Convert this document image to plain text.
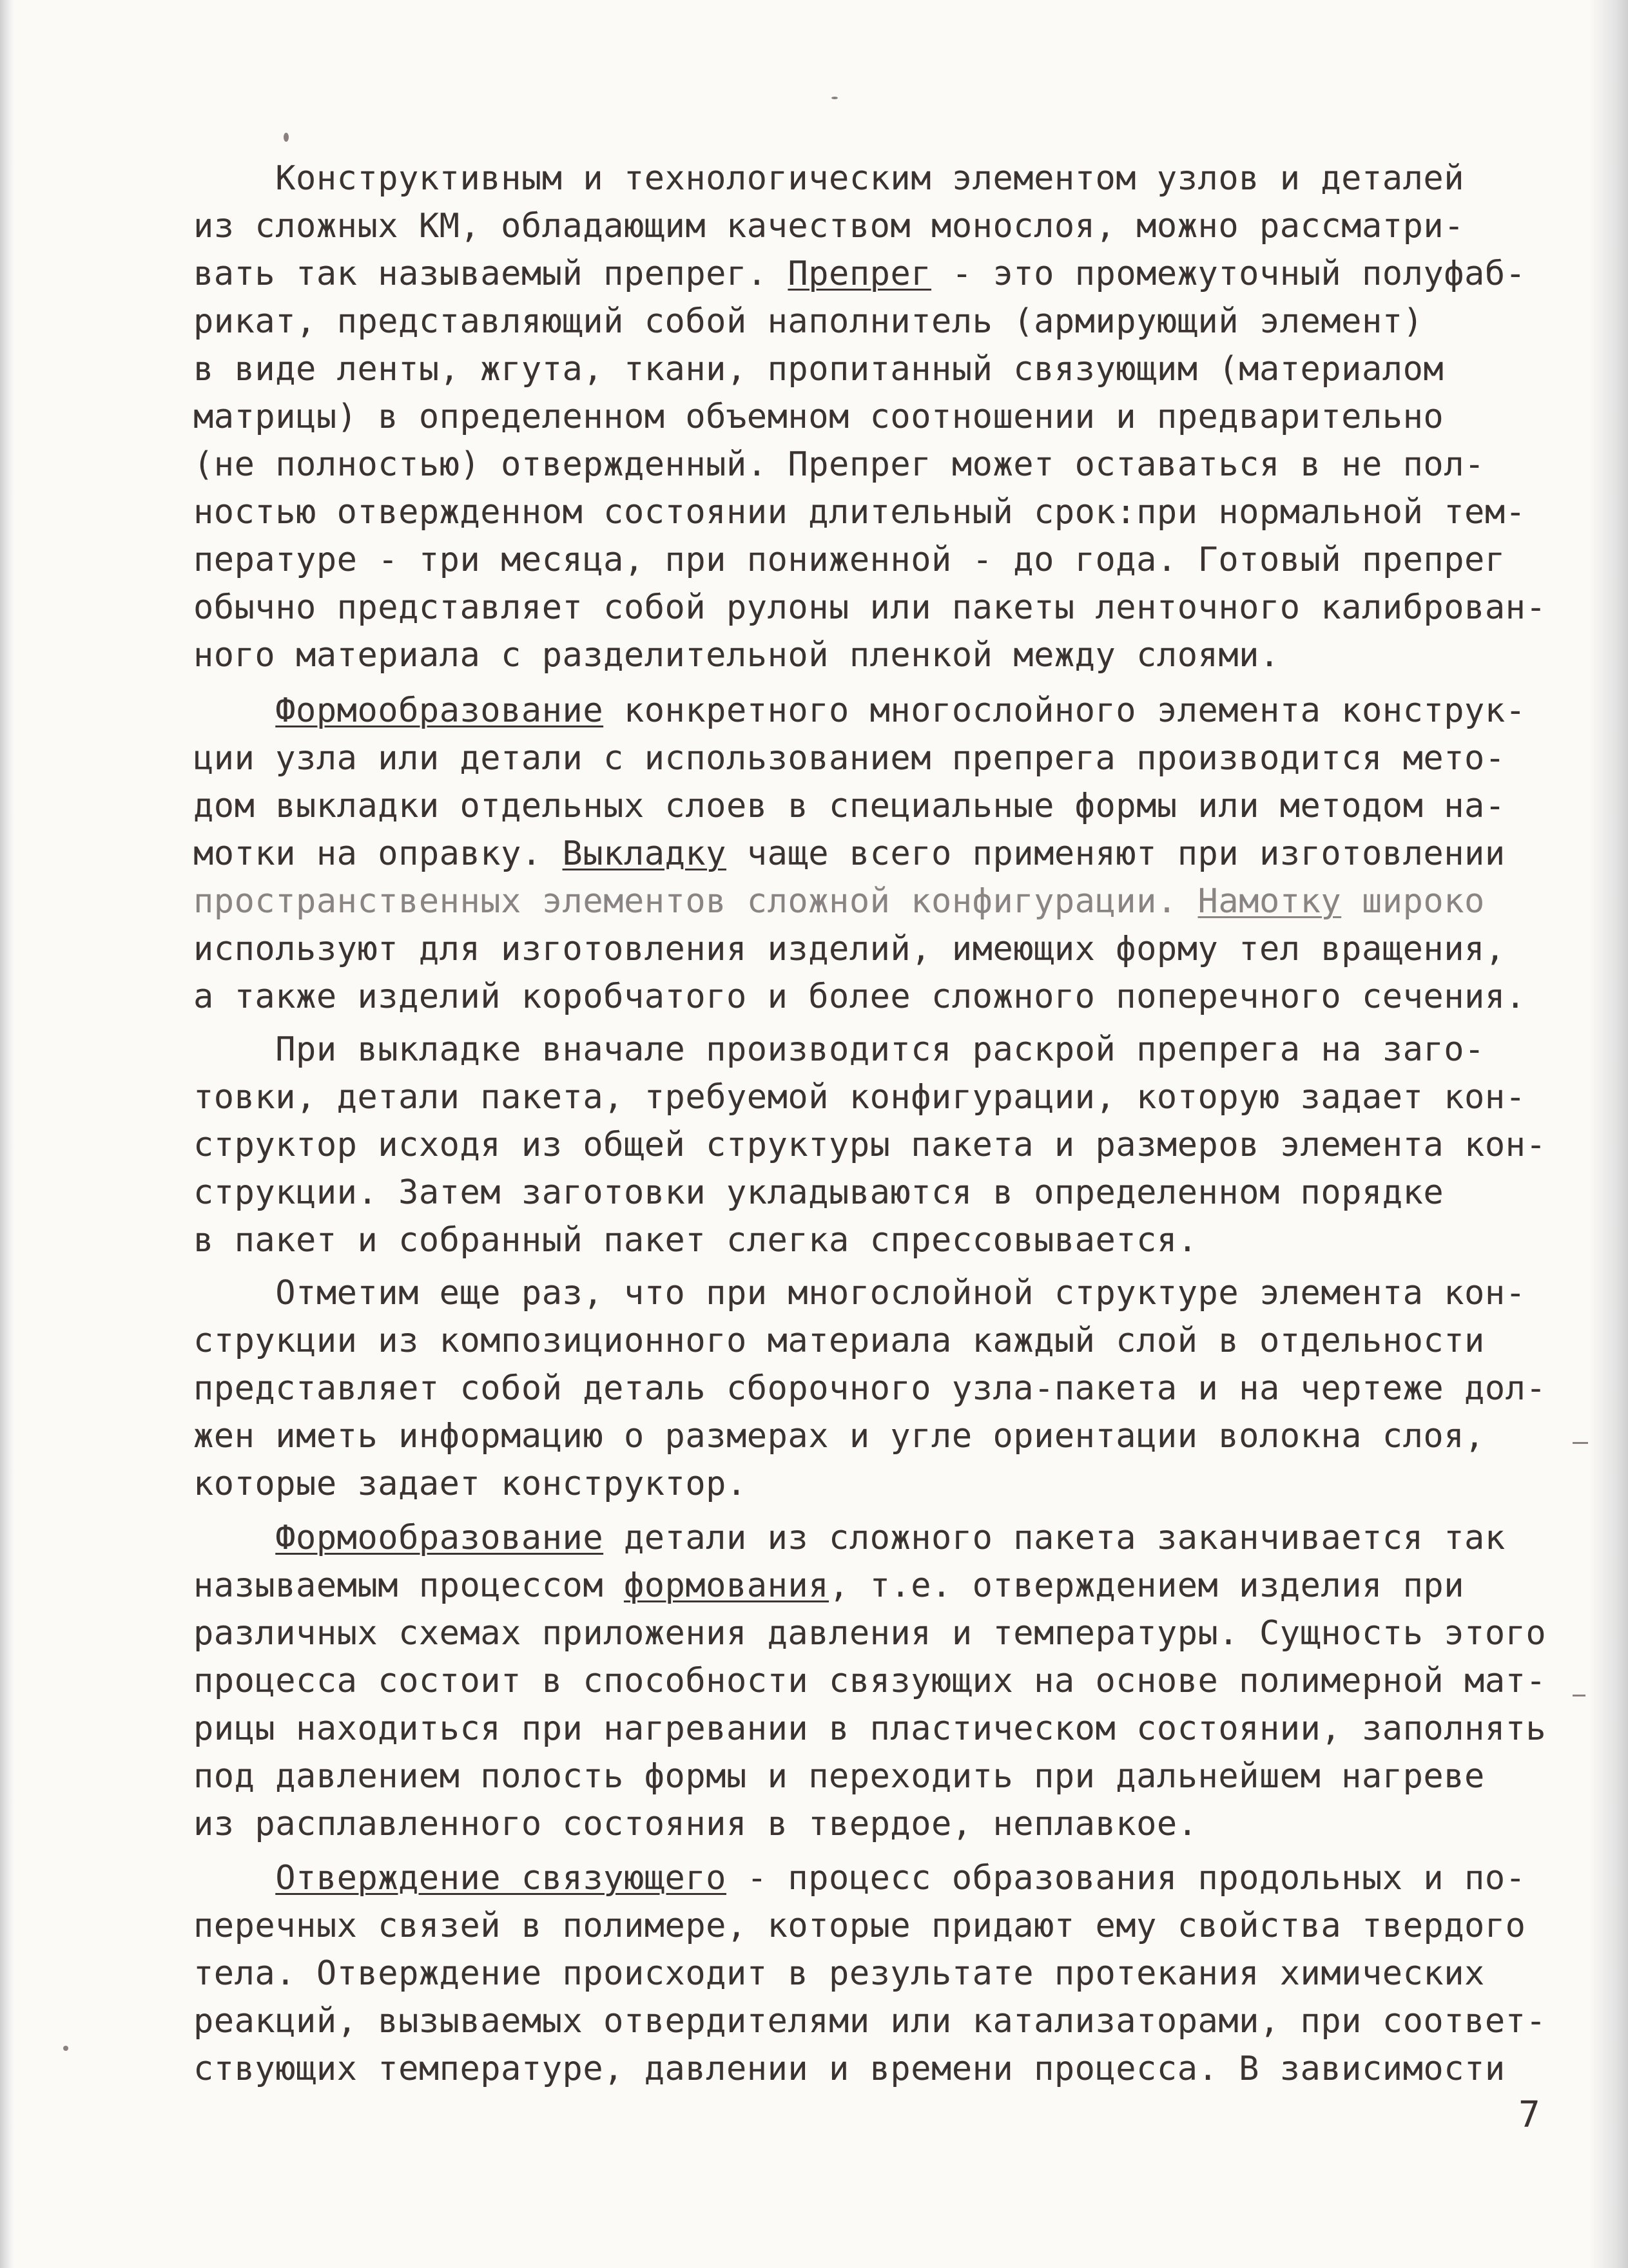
Конструктивным и технологическим элементом узлов и деталей
из сложных КМ, обладающим качеством монослоя, можно рассматри-
вать так называемый препрег. Препрег - это промежуточный полуфаб-
рикат, представляющий собой наполнитель (армирующий элемент)
в виде ленты, жгута, ткани, пропитанный связующим (материалом
матрицы) в определенном объемном соотношении и предварительно
(не полностью) отвержденный. Препрег может оставаться в не пол-
ностью отвержденном состоянии длительный срок:при нормальной тем-
пературе - три месяца, при пониженной - до года. Готовый препрег
обычно представляет собой рулоны или пакеты ленточного калиброван-
ного материала с разделительной пленкой между слоями.
Формообразование конкретного многослойного элемента конструк-
ции узла или детали с использованием препрега производится мето-
дом выкладки отдельных слоев в специальные формы или методом на-
мотки на оправку. Выкладку чаще всего применяют при изготовлении
пространственных элементов сложной конфигурации. Намотку широко
используют для изготовления изделий, имеющих форму тел вращения,
а также изделий коробчатого и более сложного поперечного сечения.
При выкладке вначале производится раскрой препрега на заго-
товки, детали пакета, требуемой конфигурации, которую задает кон-
структор исходя из общей структуры пакета и размеров элемента кон-
струкции. Затем заготовки укладываются в определенном порядке
в пакет и собранный пакет слегка спрессовывается.
Отметим еще раз, что при многослойной структуре элемента кон-
струкции из композиционного материала каждый слой в отдельности
представляет собой деталь сборочного узла-пакета и на чертеже дол-
жен иметь информацию о размерах и угле ориентации волокна слоя,
которые задает конструктор.
Формообразование детали из сложного пакета заканчивается так
называемым процессом формования, т.е. отверждением изделия при
различных схемах приложения давления и температуры. Сущность этого
процесса состоит в способности связующих на основе полимерной мат-
рицы находиться при нагревании в пластическом состоянии, заполнять
под давлением полость формы и переходить при дальнейшем нагреве
из расплавленного состояния в твердое, неплавкое.
Отверждение связующего - процесс образования продольных и по-
перечных связей в полимере, которые придают ему свойства твердого
тела. Отверждение происходит в результате протекания химических
реакций, вызываемых отвердителями или катализаторами, при соответ-
ствующих температуре, давлении и времени процесса. В зависимости
7
